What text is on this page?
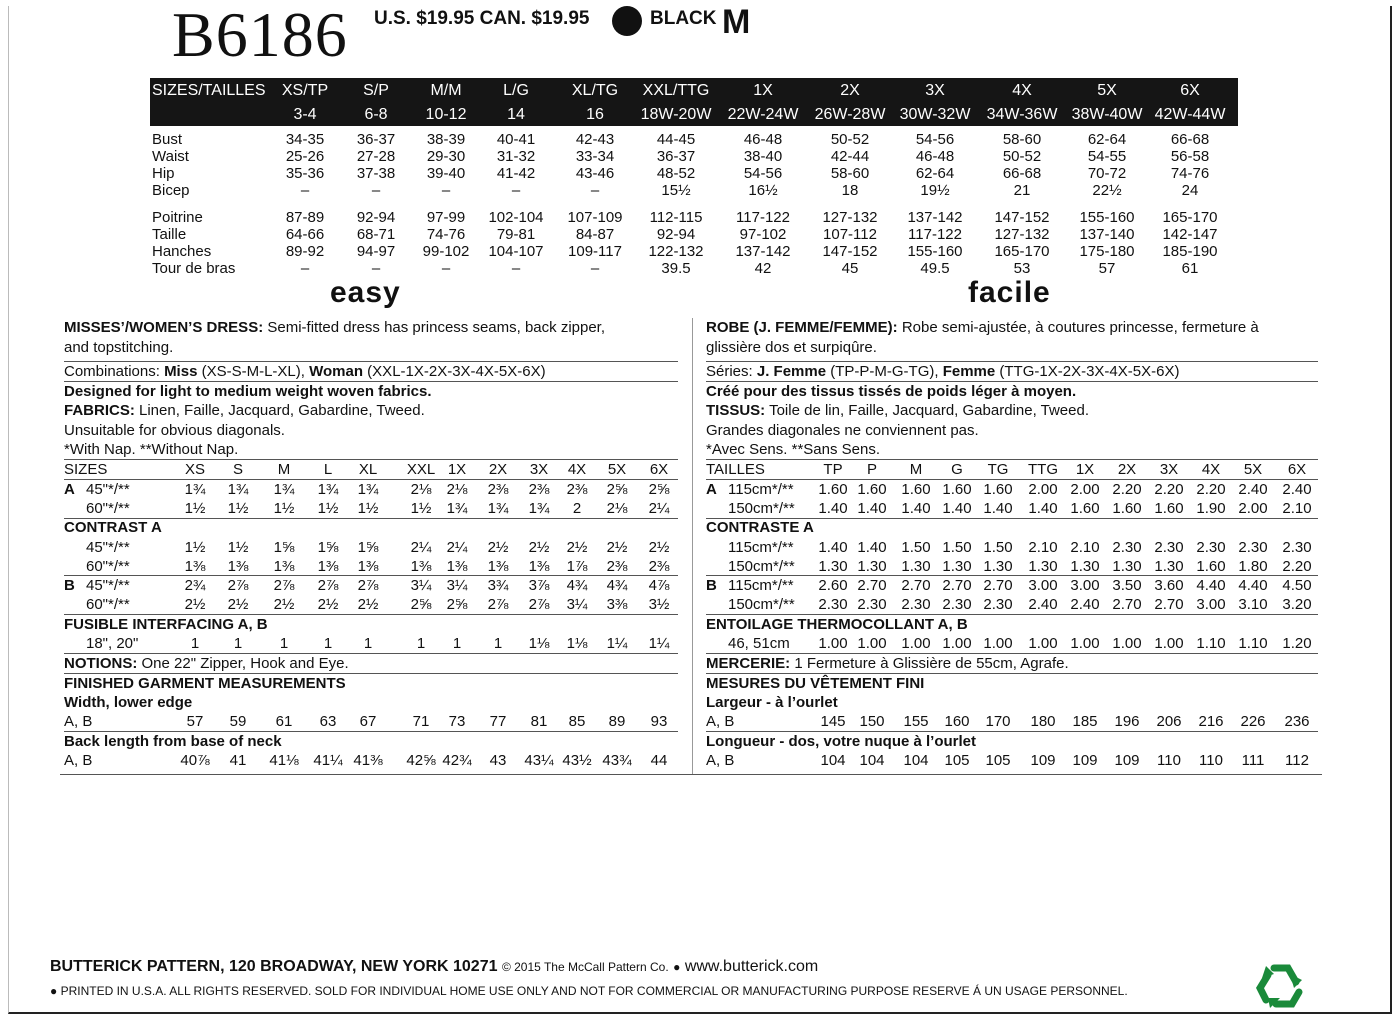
B6186 U.S. $19.95 CAN. $19.95	BLACK M
SIZES/TAILLES XS/TP
3-4
S/P
6-8
M/M
10-12
L/G
14
XL/TG
16
XXL/TTG
18W-20W
1X
22W-24W
2X
26W-28W
3X
30W-32W
4X
34W-36W
5X
38W-40W
6X
42W-44W
Bust	34-35 36-37 38-39 40-41	42-43	44-45	46-48	50-52	54-56	58-60	62-64	66-68
Waist	25-26 27-28 29-30 31-32	33-34	36-37	38-40	42-44	46-48	50-52	54-55	56-58
Hip	35-36 37-38 39-40 41-42	43-46	48-52	54-56	58-60	62-64	66-68	70-72	74-76
Bicep	–	–	–	–	–	15½	16½	18	19½	21	22½	24
Poitrine	87-89 92-94 97-99 102-104 107-109 112-115 117-122 127-132 137-142 147-152 155-160 165-170
Taille	64-66 68-71 74-76 79-81	84-87	92-94	97-102 107-112 117-122 127-132 137-140 142-147
Hanches	89-92 94-97 99-102 104-107 109-117 122-132 137-142 147-152 155-160 165-170 175-180 185-190
Tour de bras	–	–	–	–	–	39.5	42	45	49.5	53	57	61
easy	facile
MISSES’/WOMEN’S DRESS: Semi-fitted dress has princess seams, back zipper,
and topstitching.
Combinations: Miss (XS-S-M-L-XL), Woman (XXL-1X-2X-3X-4X-5X-6X)
Designed for light to medium weight woven fabrics.
FABRICS: Linen, Faille, Jacquard, Gabardine, Tweed.
Unsuitable for obvious diagonals.
*With Nap. **Without Nap.
SIZES	XS S M L XL XXL 1X 2X 3X 4X 5X 6X
A 45"*/**	1¾ 1¾ 1¾ 1¾ 1¾ 2⅛ 2⅛ 2⅜ 2⅜ 2⅜ 2⅝ 2⅝
60"*/**	1½ 1½ 1½ 1½ 1½ 1½ 1¾ 1¾ 1¾ 2 2⅛ 2¼
CONTRAST A
45"*/**	1½ 1½ 1⅝ 1⅝ 1⅝ 2¼ 2¼ 2½ 2½ 2½ 2½ 2½
60"*/**	1⅜ 1⅜ 1⅜ 1⅜ 1⅜ 1⅜ 1⅜ 1⅜ 1⅜ 1⅞ 2⅜ 2⅜
B 45"*/**	2¾ 2⅞ 2⅞ 2⅞ 2⅞ 3¼ 3¼ 3¾ 3⅞ 4¾ 4¾ 4⅞
60"*/**	2½ 2½ 2½ 2½ 2½ 2⅝ 2⅝ 2⅞ 2⅞ 3¼ 3⅜ 3½
FUSIBLE INTERFACING A, B
18", 20"	1 1	1 1 1	1 1 1 1⅛ 1⅛ 1¼ 1¼
NOTIONS: One 22" Zipper, Hook and Eye.
FINISHED GARMENT MEASUREMENTS
Width, lower edge
A, B	57 59 61 63 67 71 73 77 81 85 89 93
Back length from base of neck
A, B	40⅞ 41 41⅛ 41¼ 41⅜ 42⅝ 42¾ 43 43¼ 43½ 43¾ 44
ROBE (J. FEMME/FEMME): Robe semi-ajustée, à coutures princesse, fermeture à
glissière dos et surpiqûre.
Séries: J. Femme (TP-P-M-G-TG), Femme (TTG-1X-2X-3X-4X-5X-6X)
Créé pour des tissus tissés de poids léger à moyen.
TISSUS: Toile de lin, Faille, Jacquard, Gabardine, Tweed.
Grandes diagonales ne conviennent pas.
*Avec Sens. **Sans Sens.
TAILLES	TP P M G TG TTG 1X 2X 3X 4X 5X 6X
A 115cm*/** 1.60 1.60 1.60 1.60 1.60 2.00 2.00 2.20 2.20 2.20 2.40 2.40
150cm*/** 1.40 1.40 1.40 1.40 1.40 1.40 1.60 1.60 1.60 1.90 2.00 2.10
CONTRASTE A
115cm*/** 1.40 1.40 1.50 1.50 1.50 2.10 2.10 2.30 2.30 2.30 2.30 2.30
150cm*/** 1.30 1.30 1.30 1.30 1.30 1.30 1.30 1.30 1.30 1.60 1.80 2.20
B 115cm*/** 2.60 2.70 2.70 2.70 2.70 3.00 3.00 3.50 3.60 4.40 4.40 4.50
150cm*/** 2.30 2.30 2.30 2.30 2.30 2.40 2.40 2.70 2.70 3.00 3.10 3.20
ENTOILAGE THERMOCOLLANT A, B
46, 51cm 1.00 1.00 1.00 1.00 1.00 1.00 1.00 1.00 1.00 1.10 1.10 1.20
MERCERIE: 1 Fermeture à Glissière de 55cm, Agrafe.
MESURES DU VÊTEMENT FINI
Largeur - à l’ourlet
A, B	145 150 155 160 170 180 185 196 206 216 226 236
Longueur - dos, votre nuque à l’ourlet
A, B	104 104 104 105 105 109 109 109 110 110 111 112
BUTTERICK PATTERN, 120 BROADWAY, NEW YORK 10271 © 2015 The McCall Pattern Co. ● www.butterick.com
● PRINTED IN U.S.A. ALL RIGHTS RESERVED. SOLD FOR INDIVIDUAL HOME USE ONLY AND NOT FOR COMMERCIAL OR MANUFACTURING PURPOSE RESERVE Á UN USAGE PERSONNEL.
